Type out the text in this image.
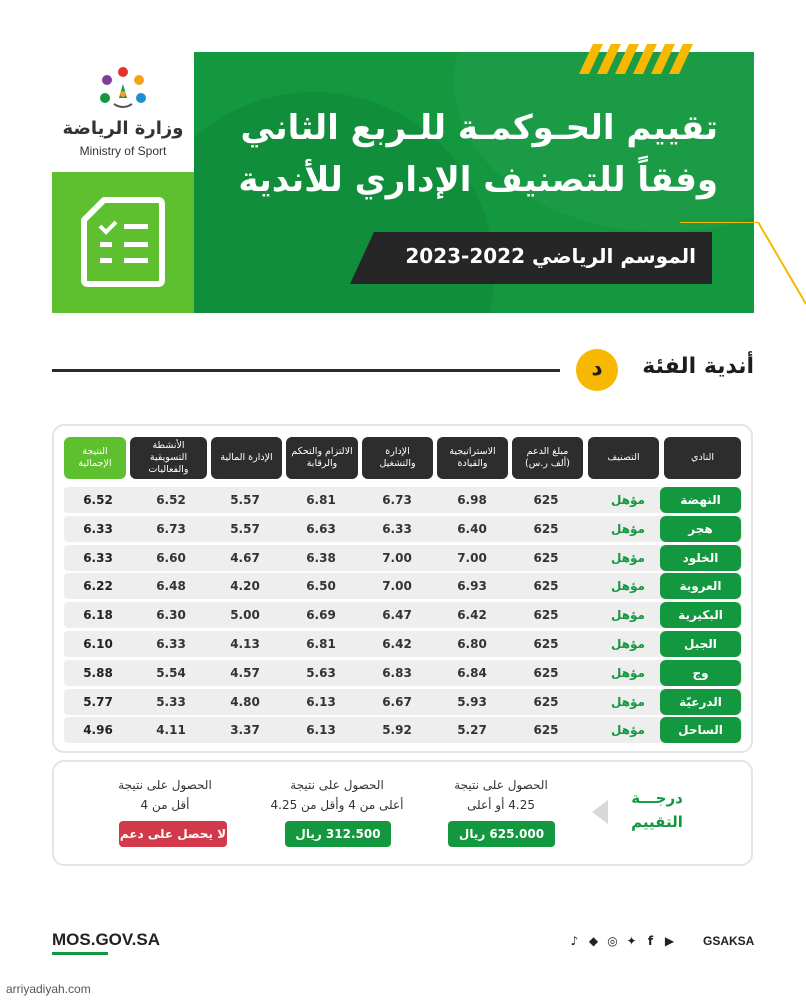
وزارة الرياضة
Ministry of Sport
تقييم الحـوكمـة للـربع الثاني
وفقاً للتصنيف الإداري للأندية
الموسم الرياضي 2022-2023
د	أندية الفئة
النادي
التصنيف
مبلغ الدعم (ألف ر.س)
الاستراتيجية والقيادة
الإدارة والتشغيل
الالتزام والتحكم والرقابة
الإدارة المالية
الأنشطة التسويقية والفعاليات
النتيجة الإجمالية
النهضة
مؤهل
625
6.98
6.73
6.81
5.57
6.52
6.52
هجر
مؤهل
625
6.40
6.33
6.63
5.57
6.73
6.33
الخلود
مؤهل
625
7.00
7.00
6.38
4.67
6.60
6.33
العروبة
مؤهل
625
6.93
7.00
6.50
4.20
6.48
6.22
البكيرية
مؤهل
625
6.42
6.47
6.69
5.00
6.30
6.18
الجبل
مؤهل
625
6.80
6.42
6.81
4.13
6.33
6.10
وج
مؤهل
625
6.84
6.83
5.63
4.57
5.54
5.88
الدرعيّة
مؤهل
625
5.93
6.67
6.13
4.80
5.33
5.77
الساحل
مؤهل
625
5.27
5.92
6.13
3.37
4.11
4.96
درجـــة
التقييم
الحصول على نتيجة
4.25 أو أعلى
625.000 ريال
الحصول على نتيجة
أعلى من 4 وأقل من 4.25
312.500 ريال
الحصول على نتيجة
أقل من 4
لا يحصل على دعم
MOS.GOV.SA	♪ ◆ ◎ ✦ f ▶ GSAKSA
arriyadiyah.com
